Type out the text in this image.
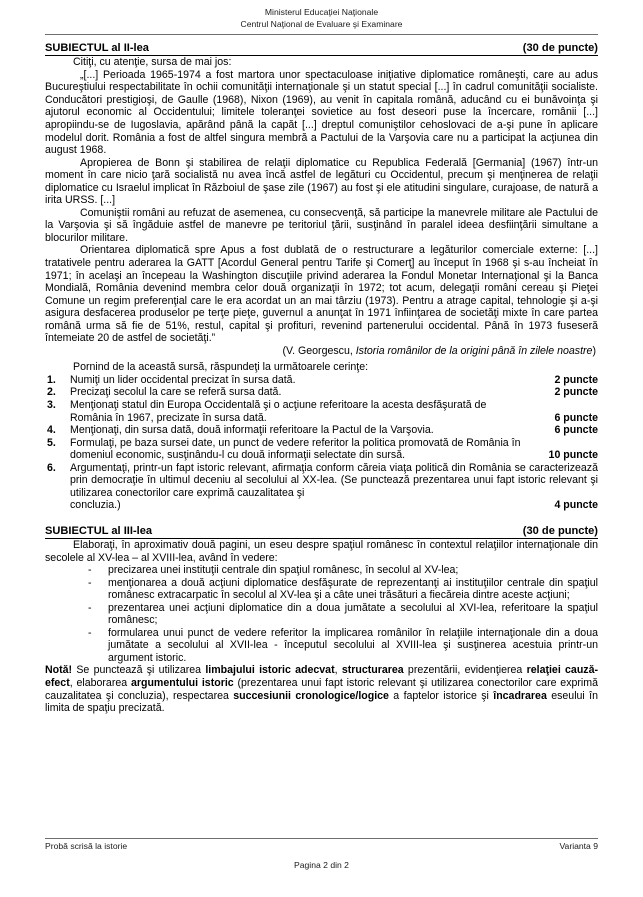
Ministerul Educaţiei Naţionale
Centrul Naţional de Evaluare şi Examinare
SUBIECTUL al II-lea	(30 de puncte)

Citiţi, cu atenţie, sursa de mai jos:

„[...] Perioada 1965-1974 a fost martora unor spectaculoase iniţiative diplomatice româneşti, care au adus Bucureştiului respectabilitate în ochii comunităţii internaţionale şi un statut special [...] în cadrul comunităţii socialiste. Conducători prestigioşi, de Gaulle (1968), Nixon (1969), au venit în capitala română, aducând cu ei bunăvoinţa şi ajutorul economic al Occidentului; limitele toleranţei sovietice au fost deseori puse la încercare, românii [...] apropiindu-se de Iugoslavia, apărând până la capăt [...] dreptul comuniştilor cehoslovaci de a-şi pune în aplicare modelul dorit. România a fost de altfel singura membră a Pactului de la Varşovia care nu a participat la acţiunea din august 1968.

Apropierea de Bonn şi stabilirea de relaţii diplomatice cu Republica Federală [Germania] (1967) într-un moment în care nicio ţară socialistă nu avea încă astfel de legături cu Occidentul, precum şi menţinerea de relaţii diplomatice cu Israelul implicat în Războiul de şase zile (1967) au fost şi ele atitudini singulare, curajoase, de natură a irita URSS. [...]

Comuniştii români au refuzat de asemenea, cu consecvenţă, să participe la manevrele militare ale Pactului de la Varşovia şi să îngăduie astfel de manevre pe teritoriul ţării, susţinând în paralel ideea desfiinţării simultane a blocurilor militare.

Orientarea diplomatică spre Apus a fost dublată de o restructurare a legăturilor comerciale externe: [...] tratativele pentru aderarea la GATT [Acordul General pentru Tarife şi Comerţ] au început în 1968 şi s-au încheiat în 1971; în acelaşi an începeau la Washington discuţiile privind aderarea la Fondul Monetar Internaţional şi la Banca Mondială, România devenind membra celor două organizaţii în 1972; tot acum, delegaţii români cereau şi Pieţei Comune un regim preferenţial care le era acordat un an mai târziu (1973). Pentru a atrage capital, tehnologie şi a-şi asigura desfacerea produselor pe terţe pieţe, guvernul a anunţat în 1971 înfiinţarea de societăţi mixte în care partea română urma să fie de 51%, restul, capital şi profituri, revenind partenerului occidental. Până în 1973 fuseseră întemeiate 20 de astfel de societăţi.”

(V. Georgescu, Istoria românilor de la origini până în zilele noastre)

Pornind de la această sursă, răspundeţi la următoarele cerinţe:

1.	Numiţi un lider occidental precizat în sursa dată.	2 puncte
2.	Precizaţi secolul la care se referă sursa dată.	2 puncte
3.	Menţionaţi statul din Europa Occidentală şi o acţiune referitoare la acesta desfăşurată de
România în 1967, precizate în sursa dată.	6 puncte
4.	Menţionaţi, din sursa dată, două informaţii referitoare la Pactul de la Varşovia.	6 puncte
5.	Formulaţi, pe baza sursei date, un punct de vedere referitor la politica promovată de România în
domeniul economic, susţinându-l cu două informaţii selectate din sursă.	10 puncte
6.	Argumentaţi, printr-un fapt istoric relevant, afirmaţia conform căreia viaţa politică din România se caracterizează prin democraţie în ultimul deceniu al secolului al XX-lea. (Se punctează prezentarea unui fapt istoric relevant şi utilizarea conectorilor care exprimă cauzalitatea şi
concluzia.)	4 puncte
SUBIECTUL al III-lea	(30 de puncte)

Elaboraţi, în aproximativ două pagini, un eseu despre spaţiul românesc în contextul relaţiilor internaţionale din secolele al XV-lea – al XVIII-lea, având în vedere:

- precizarea unei instituţii centrale din spaţiul românesc, în secolul al XV-lea;
- menţionarea a două acţiuni diplomatice desfăşurate de reprezentanţi ai instituţiilor centrale din spaţiul românesc extracarpatic în secolul al XV-lea şi a câte unei trăsături a fiecăreia dintre aceste acţiuni;
- prezentarea unei acţiuni diplomatice din a doua jumătate a secolului al XVI-lea, referitoare la spaţiul românesc;
- formularea unui punct de vedere referitor la implicarea românilor în relaţiile internaţionale din a doua jumătate a secolului al XVII-lea - începutul secolului al XVIII-lea şi susţinerea acestuia printr-un argument istoric.

Notă! Se punctează şi utilizarea limbajului istoric adecvat, structurarea prezentării, evidenţierea relaţiei cauză-efect, elaborarea argumentului istoric (prezentarea unui fapt istoric relevant şi utilizarea conectorilor care exprimă cauzalitatea şi concluzia), respectarea succesiunii cronologice/logice a faptelor istorice şi încadrarea eseului în limita de spaţiu precizată.

Probă scrisă la istorie	Varianta 9
Pagina 2 din 2
